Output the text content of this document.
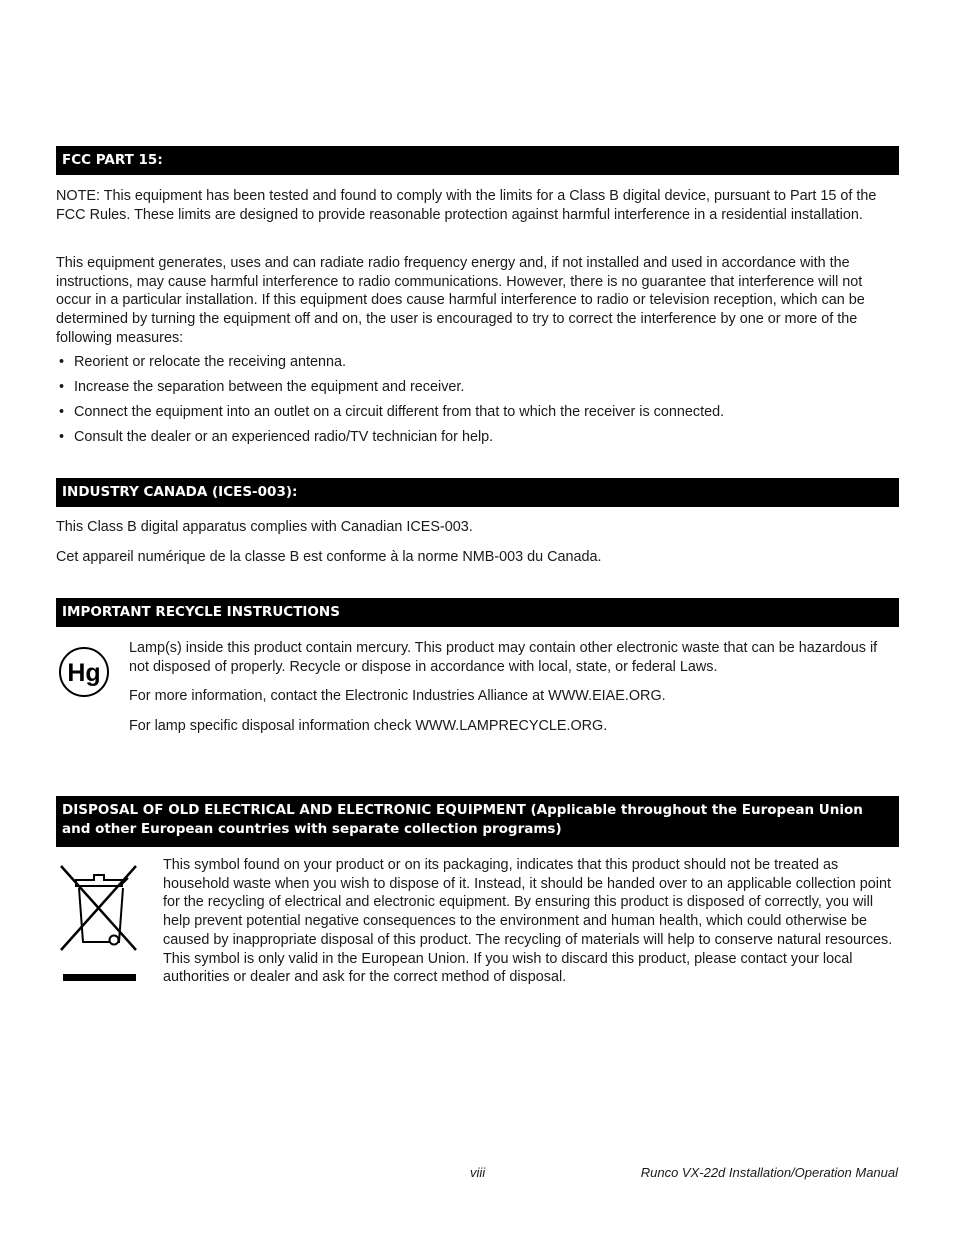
FCC PART 15:

NOTE: This equipment has been tested and found to comply with the limits for a Class B digital device, pursuant to Part 15 of the FCC Rules. These limits are designed to provide reasonable protection against harmful interference in a residential installation.

This equipment generates, uses and can radiate radio frequency energy and, if not installed and used in accordance with the instructions, may cause harmful interference to radio communications. However, there is no guarantee that interference will not occur in a particular installation. If this equipment does cause harmful interference to radio or television reception, which can be determined by turning the equipment off and on, the user is encouraged to try to correct the interference by one or more of the following measures:

• Reorient or relocate the receiving antenna.
• Increase the separation between the equipment and receiver.
• Connect the equipment into an outlet on a circuit different from that to which the receiver is connected.
• Consult the dealer or an experienced radio/TV technician for help.
INDUSTRY CANADA (ICES-003):

This Class B digital apparatus complies with Canadian ICES-003.

Cet appareil numérique de la classe B est conforme à la norme NMB-003 du Canada.

IMPORTANT RECYCLE INSTRUCTIONS
Hg

Lamp(s) inside this product contain mercury. This product may contain other electronic waste that can be hazardous if not disposed of properly. Recycle or dispose in accordance with local, state, or federal Laws.

For more information, contact the Electronic Industries Alliance at WWW.EIAE.ORG.

For lamp specific disposal information check WWW.LAMPRECYCLE.ORG.

DISPOSAL OF OLD ELECTRICAL AND ELECTRONIC EQUIPMENT (Applicable throughout the European Union and other European countries with separate collection programs)

This symbol found on your product or on its packaging, indicates that this product should not be treated as household waste when you wish to dispose of it. Instead, it should be handed over to an applicable collection point for the recycling of electrical and electronic equipment. By ensuring this product is disposed of correctly, you will help prevent potential negative consequences to the environment and human health, which could otherwise be caused by inappropriate disposal of this product. The recycling of materials will help to conserve natural resources. This symbol is only valid in the European Union. If you wish to discard this product, please contact your local authorities or dealer and ask for the correct method of disposal.

viii	Runco VX-22d Installation/Operation Manual
